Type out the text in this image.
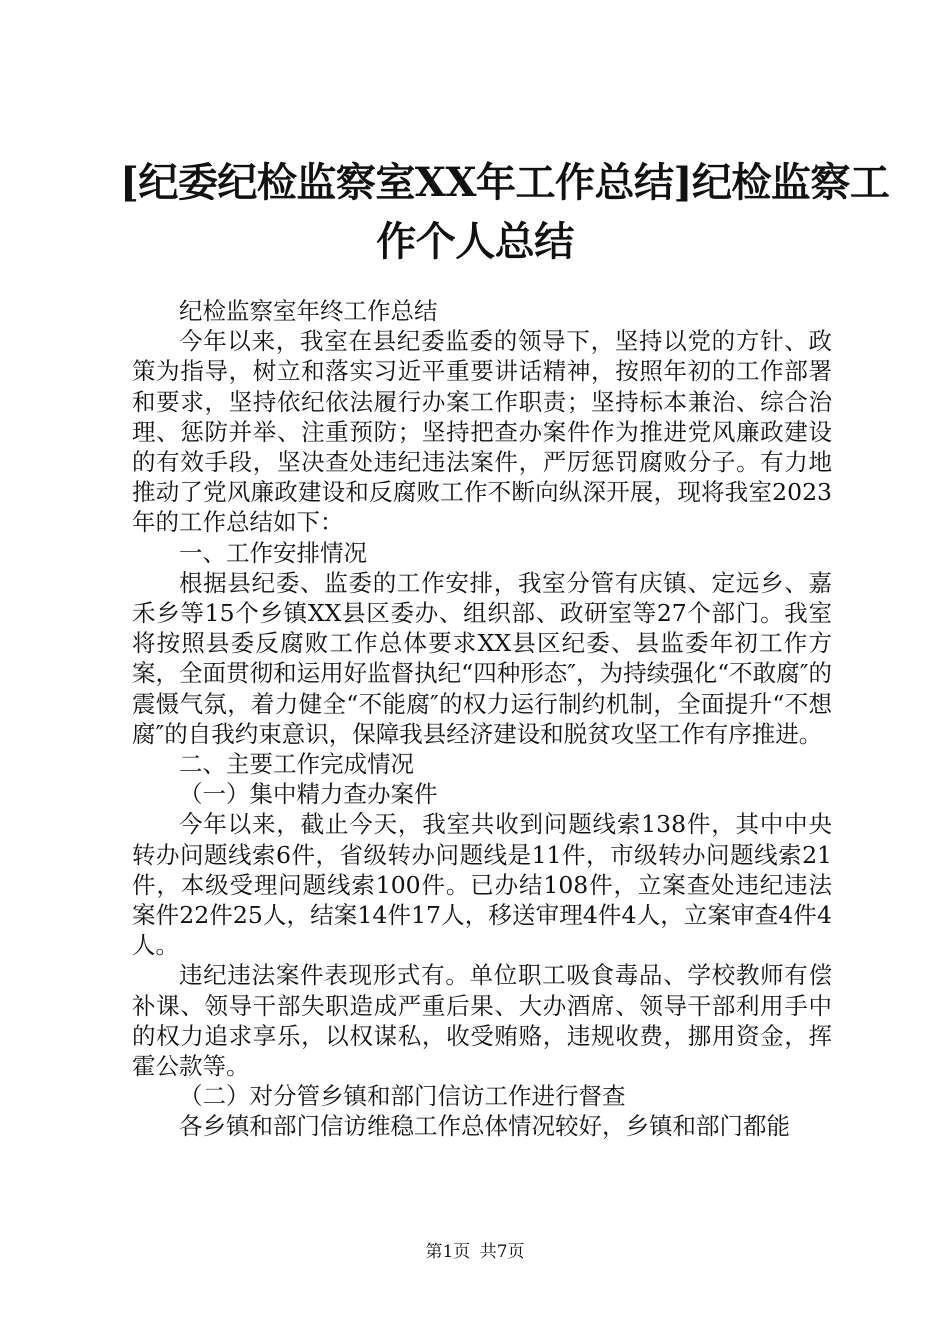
[纪委纪检监察室XX年工作总结]纪检监察工
作个人总结

纪检监察室年终工作总结

今年以来，我室在县纪委监委的领导下，坚持以党的方针、政策为指导，树立和落实习近平重要讲话精神，按照年初的工作部署和要求，坚持依纪依法履行办案工作职责；坚持标本兼治、综合治理、惩防并举、注重预防；坚持把查办案件作为推进党风廉政建设的有效手段，坚决查处违纪违法案件，严厉惩罚腐败分子。有力地推动了党风廉政建设和反腐败工作不断向纵深开展，现将我室2023年的工作总结如下：

一、工作安排情况

根据县纪委、监委的工作安排，我室分管有庆镇、定远乡、嘉禾乡等15个乡镇XX县区委办、组织部、政研室等27个部门。我室将按照县委反腐败工作总体要求XX县区纪委、县监委年初工作方案，全面贯彻和运用好监督执纪“四种形态″，为持续强化“不敢腐″的震慑气氛，着力健全“不能腐″的权力运行制约机制，全面提升“不想腐″的自我约束意识，保障我县经济建设和脱贫攻坚工作有序推进。

二、主要工作完成情况

（一）集中精力查办案件

今年以来，截止今天，我室共收到问题线索138件，其中中央转办问题线索6件，省级转办问题线是11件，市级转办问题线索21件，本级受理问题线索100件。已办结108件，立案查处违纪违法案件22件25人，结案14件17人，移送审理4件4人，立案审查4件4人。

违纪违法案件表现形式有。单位职工吸食毒品、学校教师有偿补课、领导干部失职造成严重后果、大办酒席、领导干部利用手中的权力追求享乐，以权谋私，收受贿赂，违规收费，挪用资金，挥霍公款等。

（二）对分管乡镇和部门信访工作进行督查

各乡镇和部门信访维稳工作总体情况较好，乡镇和部门都能

第1页 共7页
